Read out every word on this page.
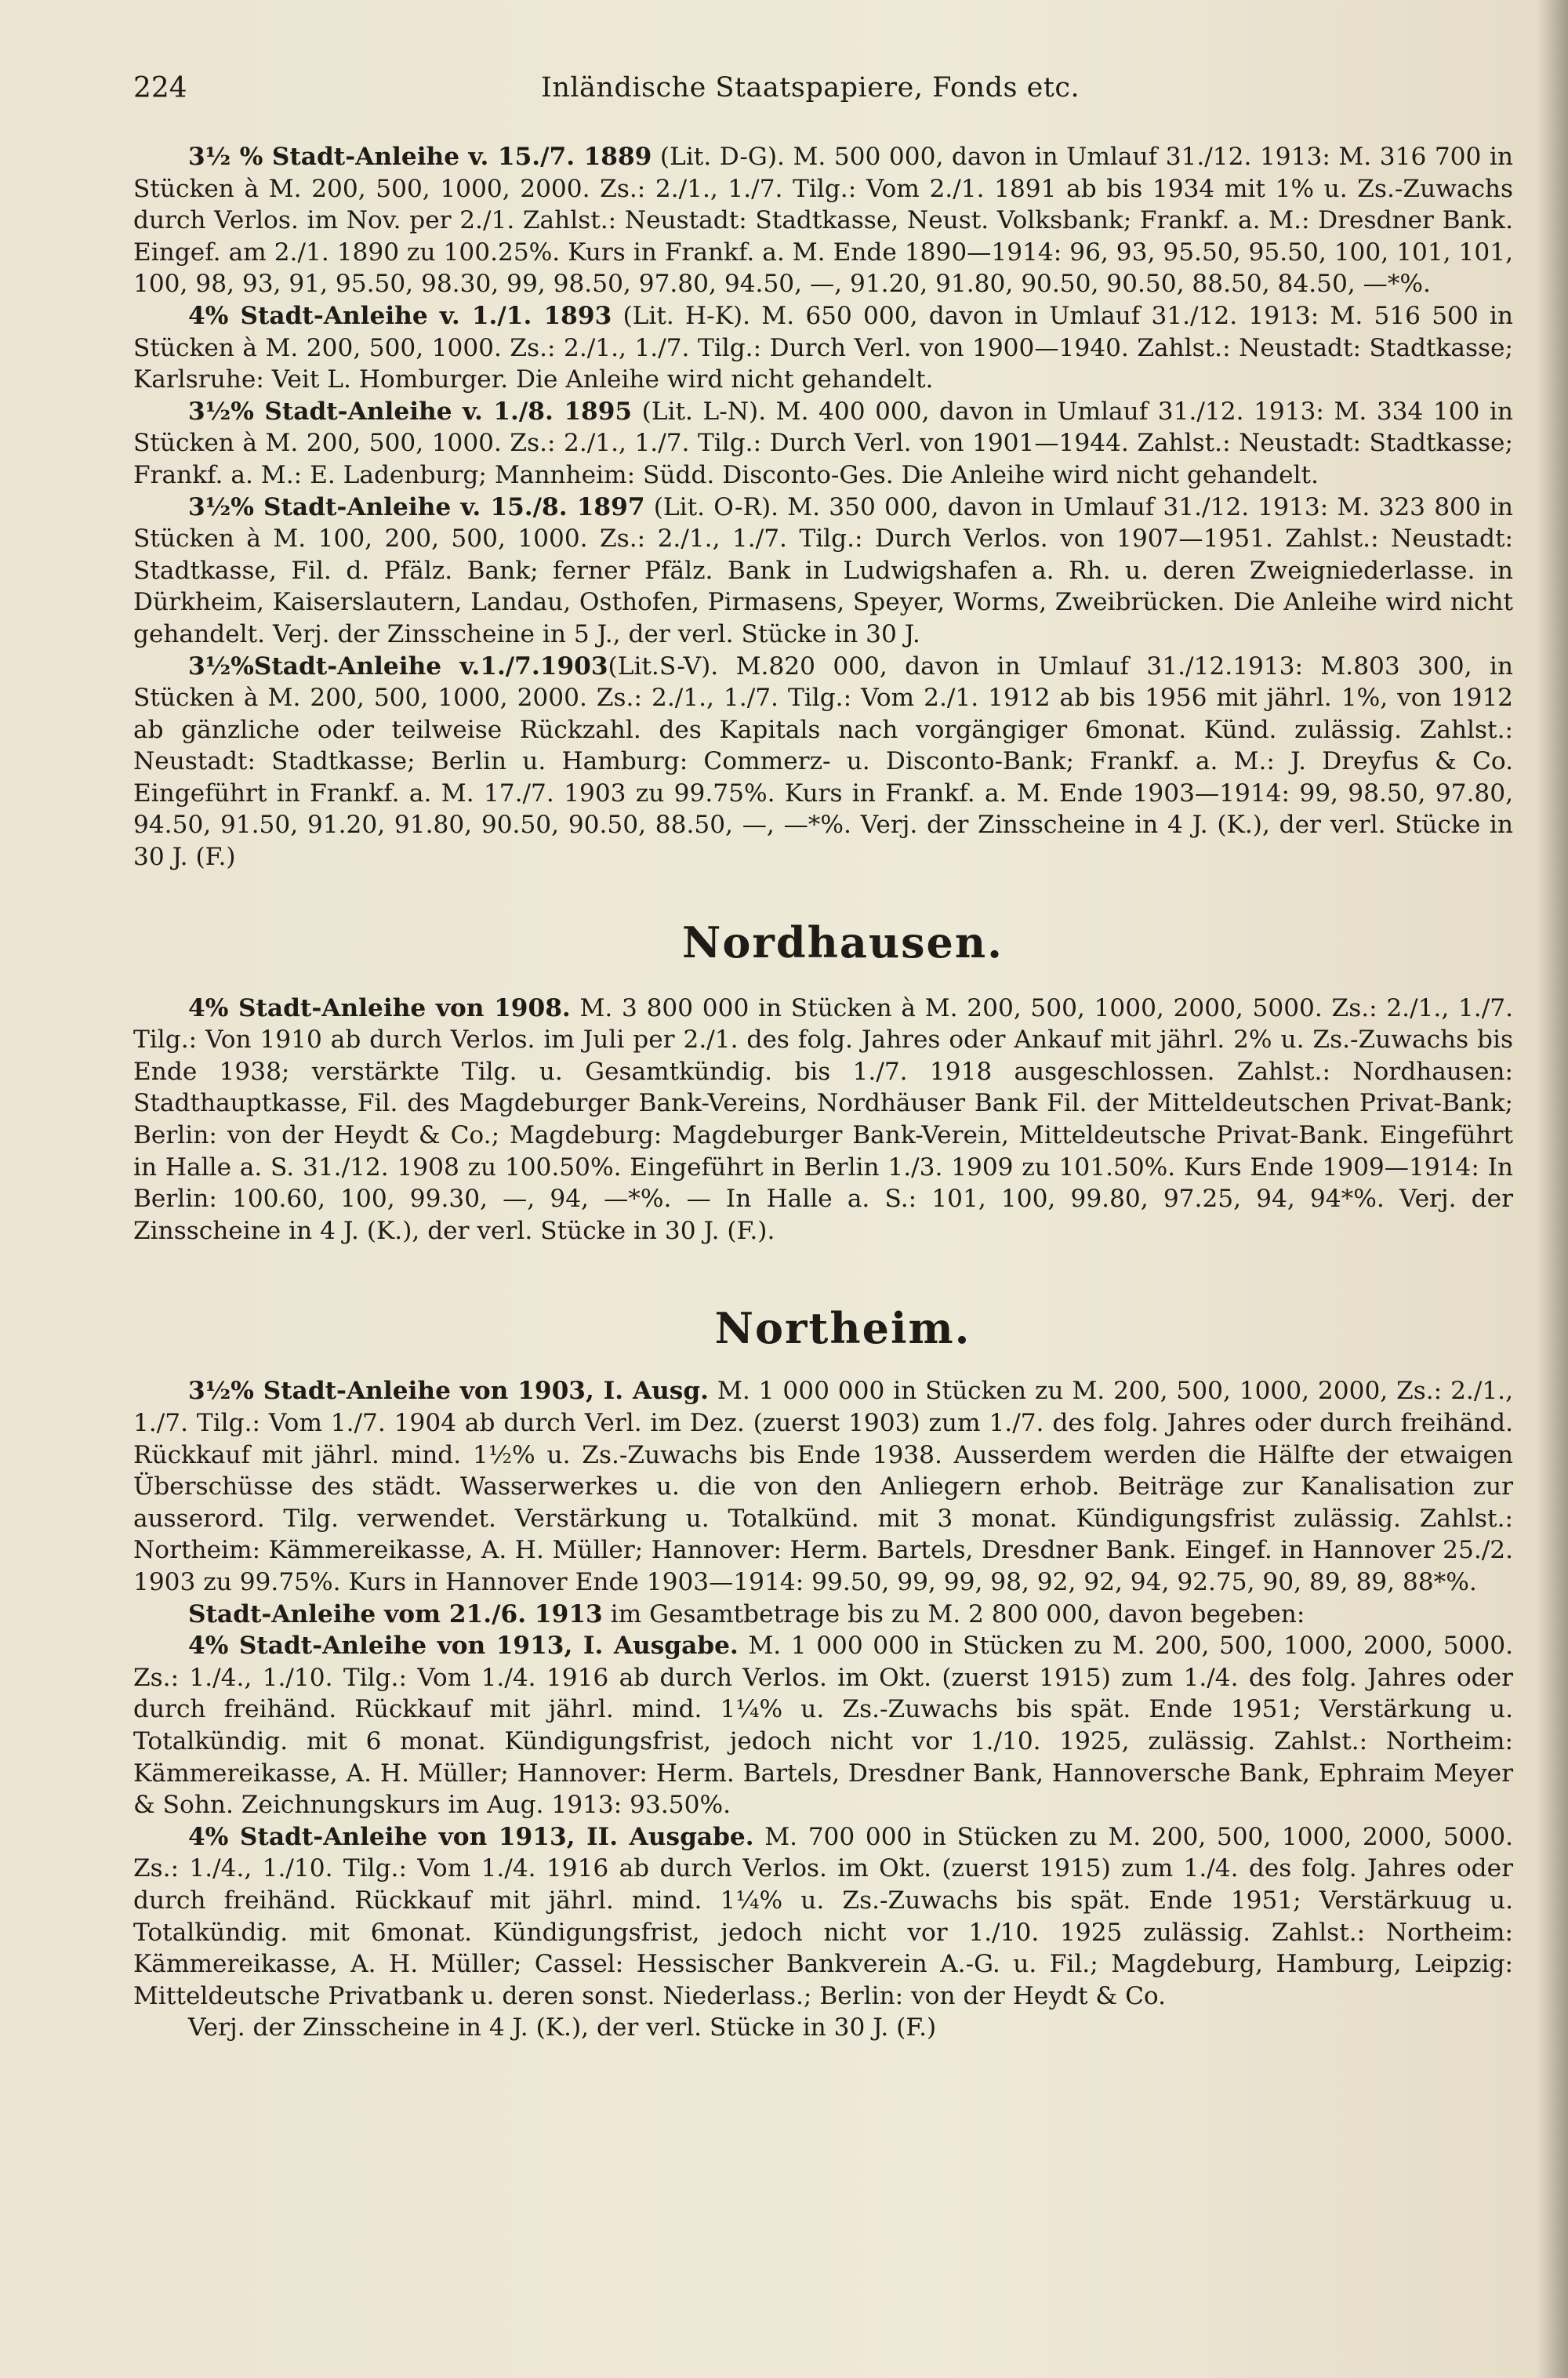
224	Inländische Staatspapiere, Fonds etc.

3½ % Stadt-Anleihe v. 15./7. 1889 (Lit. D-G). M. 500 000, davon in Umlauf 31./12. 1913: M. 316 700 in Stücken à M. 200, 500, 1000, 2000. Zs.: 2./1., 1./7. Tilg.: Vom 2./1. 1891 ab bis 1934 mit 1% u. Zs.-Zuwachs durch Verlos. im Nov. per 2./1. Zahlst.: Neustadt: Stadtkasse, Neust. Volksbank; Frankf. a. M.: Dresdner Bank. Eingef. am 2./1. 1890 zu 100.25%. Kurs in Frankf. a. M. Ende 1890—1914: 96, 93, 95.50, 95.50, 100, 101, 101, 100, 98, 93, 91, 95.50, 98.30, 99, 98.50, 97.80, 94.50, —, 91.20, 91.80, 90.50, 90.50, 88.50, 84.50, —*%.

4% Stadt-Anleihe v. 1./1. 1893 (Lit. H-K). M. 650 000, davon in Umlauf 31./12. 1913: M. 516 500 in Stücken à M. 200, 500, 1000. Zs.: 2./1., 1./7. Tilg.: Durch Verl. von 1900—1940. Zahlst.: Neustadt: Stadtkasse; Karlsruhe: Veit L. Homburger. Die Anleihe wird nicht gehandelt.

3½% Stadt-Anleihe v. 1./8. 1895 (Lit. L-N). M. 400 000, davon in Umlauf 31./12. 1913: M. 334 100 in Stücken à M. 200, 500, 1000. Zs.: 2./1., 1./7. Tilg.: Durch Verl. von 1901—1944. Zahlst.: Neustadt: Stadtkasse; Frankf. a. M.: E. Ladenburg; Mannheim: Südd. Disconto-Ges. Die Anleihe wird nicht gehandelt.

3½% Stadt-Anleihe v. 15./8. 1897 (Lit. O-R). M. 350 000, davon in Umlauf 31./12. 1913: M. 323 800 in Stücken à M. 100, 200, 500, 1000. Zs.: 2./1., 1./7. Tilg.: Durch Verlos. von 1907—1951. Zahlst.: Neustadt: Stadtkasse, Fil. d. Pfälz. Bank; ferner Pfälz. Bank in Ludwigshafen a. Rh. u. deren Zweigniederlasse. in Dürkheim, Kaiserslautern, Landau, Osthofen, Pirmasens, Speyer, Worms, Zweibrücken. Die Anleihe wird nicht gehandelt. Verj. der Zinsscheine in 5 J., der verl. Stücke in 30 J.

3½%Stadt-Anleihe v.1./7.1903(Lit.S-V). M.820 000, davon in Umlauf 31./12.1913: M.803 300, in Stücken à M. 200, 500, 1000, 2000. Zs.: 2./1., 1./7. Tilg.: Vom 2./1. 1912 ab bis 1956 mit jährl. 1%, von 1912 ab gänzliche oder teilweise Rückzahl. des Kapitals nach vorgängiger 6monat. Künd. zulässig. Zahlst.: Neustadt: Stadtkasse; Berlin u. Hamburg: Commerz- u. Disconto-Bank; Frankf. a. M.: J. Dreyfus & Co. Eingeführt in Frankf. a. M. 17./7. 1903 zu 99.75%. Kurs in Frankf. a. M. Ende 1903—1914: 99, 98.50, 97.80, 94.50, 91.50, 91.20, 91.80, 90.50, 90.50, 88.50, —, —*%. Verj. der Zinsscheine in 4 J. (K.), der verl. Stücke in 30 J. (F.)

Nordhausen.

4% Stadt-Anleihe von 1908. M. 3 800 000 in Stücken à M. 200, 500, 1000, 2000, 5000. Zs.: 2./1., 1./7. Tilg.: Von 1910 ab durch Verlos. im Juli per 2./1. des folg. Jahres oder Ankauf mit jährl. 2% u. Zs.-Zuwachs bis Ende 1938; verstärkte Tilg. u. Gesamtkündig. bis 1./7. 1918 ausgeschlossen. Zahlst.: Nordhausen: Stadthauptkasse, Fil. des Magdeburger Bank-Vereins, Nordhäuser Bank Fil. der Mitteldeutschen Privat-Bank; Berlin: von der Heydt & Co.; Magdeburg: Magdeburger Bank-Verein, Mitteldeutsche Privat-Bank. Eingeführt in Halle a. S. 31./12. 1908 zu 100.50%. Eingeführt in Berlin 1./3. 1909 zu 101.50%. Kurs Ende 1909—1914: In Berlin: 100.60, 100, 99.30, —, 94, —*%. — In Halle a. S.: 101, 100, 99.80, 97.25, 94, 94*%. Verj. der Zinsscheine in 4 J. (K.), der verl. Stücke in 30 J. (F.).

Northeim.

3½% Stadt-Anleihe von 1903, I. Ausg. M. 1 000 000 in Stücken zu M. 200, 500, 1000, 2000, Zs.: 2./1., 1./7. Tilg.: Vom 1./7. 1904 ab durch Verl. im Dez. (zuerst 1903) zum 1./7. des folg. Jahres oder durch freihänd. Rückkauf mit jährl. mind. 1½% u. Zs.-Zuwachs bis Ende 1938. Ausserdem werden die Hälfte der etwaigen Überschüsse des städt. Wasserwerkes u. die von den Anliegern erhob. Beiträge zur Kanalisation zur ausserord. Tilg. verwendet. Verstärkung u. Totalkünd. mit 3 monat. Kündigungsfrist zulässig. Zahlst.: Northeim: Kämmereikasse, A. H. Müller; Hannover: Herm. Bartels, Dresdner Bank. Eingef. in Hannover 25./2. 1903 zu 99.75%. Kurs in Hannover Ende 1903—1914: 99.50, 99, 99, 98, 92, 92, 94, 92.75, 90, 89, 89, 88*%.

Stadt-Anleihe vom 21./6. 1913 im Gesamtbetrage bis zu M. 2 800 000, davon begeben:

4% Stadt-Anleihe von 1913, I. Ausgabe. M. 1 000 000 in Stücken zu M. 200, 500, 1000, 2000, 5000. Zs.: 1./4., 1./10. Tilg.: Vom 1./4. 1916 ab durch Verlos. im Okt. (zuerst 1915) zum 1./4. des folg. Jahres oder durch freihänd. Rückkauf mit jährl. mind. 1¼% u. Zs.-Zuwachs bis spät. Ende 1951; Verstärkung u. Totalkündig. mit 6 monat. Kündigungsfrist, jedoch nicht vor 1./10. 1925, zulässig. Zahlst.: Northeim: Kämmereikasse, A. H. Müller; Hannover: Herm. Bartels, Dresdner Bank, Hannoversche Bank, Ephraim Meyer & Sohn. Zeichnungskurs im Aug. 1913: 93.50%.

4% Stadt-Anleihe von 1913, II. Ausgabe. M. 700 000 in Stücken zu M. 200, 500, 1000, 2000, 5000. Zs.: 1./4., 1./10. Tilg.: Vom 1./4. 1916 ab durch Verlos. im Okt. (zuerst 1915) zum 1./4. des folg. Jahres oder durch freihänd. Rückkauf mit jährl. mind. 1¼% u. Zs.-Zuwachs bis spät. Ende 1951; Verstärkuug u. Totalkündig. mit 6monat. Kündigungsfrist, jedoch nicht vor 1./10. 1925 zulässig. Zahlst.: Northeim: Kämmereikasse, A. H. Müller; Cassel: Hessischer Bankverein A.-G. u. Fil.; Magdeburg, Hamburg, Leipzig: Mitteldeutsche Privatbank u. deren sonst. Niederlass.; Berlin: von der Heydt & Co.

Verj. der Zinsscheine in 4 J. (K.), der verl. Stücke in 30 J. (F.)
